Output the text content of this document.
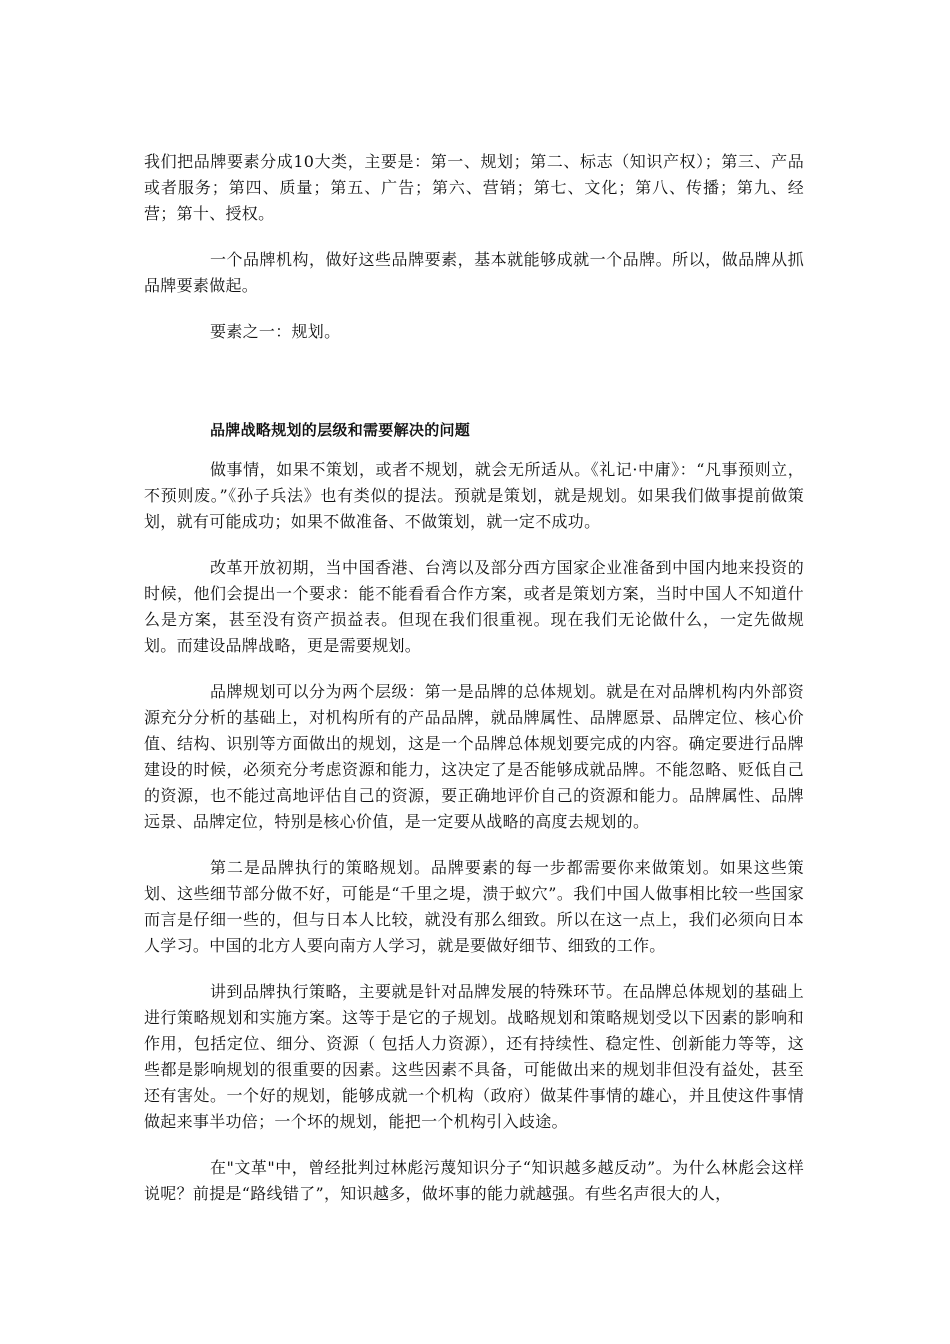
我们把品牌要素分成10大类，主要是：第一、规划；第二、标志（知识产权）；第三、产品或者服务；第四、质量；第五、广告；第六、营销；第七、文化；第八、传播；第九、经营；第十、授权。

一个品牌机构，做好这些品牌要素，基本就能够成就一个品牌。所以，做品牌从抓品牌要素做起。

要素之一：规划。

品牌战略规划的层级和需要解决的问题

做事情，如果不策划，或者不规划，就会无所适从。《礼记·中庸》：“凡事预则立，不预则废。”《孙子兵法》也有类似的提法。预就是策划，就是规划。如果我们做事提前做策划，就有可能成功；如果不做准备、不做策划，就一定不成功。

改革开放初期，当中国香港、台湾以及部分西方国家企业准备到中国内地来投资的时候，他们会提出一个要求：能不能看看合作方案，或者是策划方案，当时中国人不知道什么是方案，甚至没有资产损益表。但现在我们很重视。现在我们无论做什么，一定先做规划。而建设品牌战略，更是需要规划。

品牌规划可以分为两个层级：第一是品牌的总体规划。就是在对品牌机构内外部资源充分分析的基础上，对机构所有的产品品牌，就品牌属性、品牌愿景、品牌定位、核心价值、结构、识别等方面做出的规划，这是一个品牌总体规划要完成的内容。确定要进行品牌建设的时候，必须充分考虑资源和能力，这决定了是否能够成就品牌。不能忽略、贬低自己的资源，也不能过高地评估自己的资源，要正确地评价自己的资源和能力。品牌属性、品牌远景、品牌定位，特别是核心价值，是一定要从战略的高度去规划的。

第二是品牌执行的策略规划。品牌要素的每一步都需要你来做策划。如果这些策划、这些细节部分做不好，可能是“千里之堤，溃于蚁穴”。我们中国人做事相比较一些国家而言是仔细一些的，但与日本人比较，就没有那么细致。所以在这一点上，我们必须向日本人学习。中国的北方人要向南方人学习，就是要做好细节、细致的工作。

讲到品牌执行策略，主要就是针对品牌发展的特殊环节。在品牌总体规划的基础上进行策略规划和实施方案。这等于是它的子规划。战略规划和策略规划受以下因素的影响和作用，包括定位、细分、资源（ 包括人力资源），还有持续性、稳定性、创新能力等等，这些都是影响规划的很重要的因素。这些因素不具备，可能做出来的规划非但没有益处，甚至还有害处。一个好的规划，能够成就一个机构（政府）做某件事情的雄心，并且使这件事情做起来事半功倍；一个坏的规划，能把一个机构引入歧途。

在"文革"中，曾经批判过林彪污蔑知识分子“知识越多越反动”。为什么林彪会这样说呢？前提是“路线错了”，知识越多，做坏事的能力就越强。有些名声很大的人，
